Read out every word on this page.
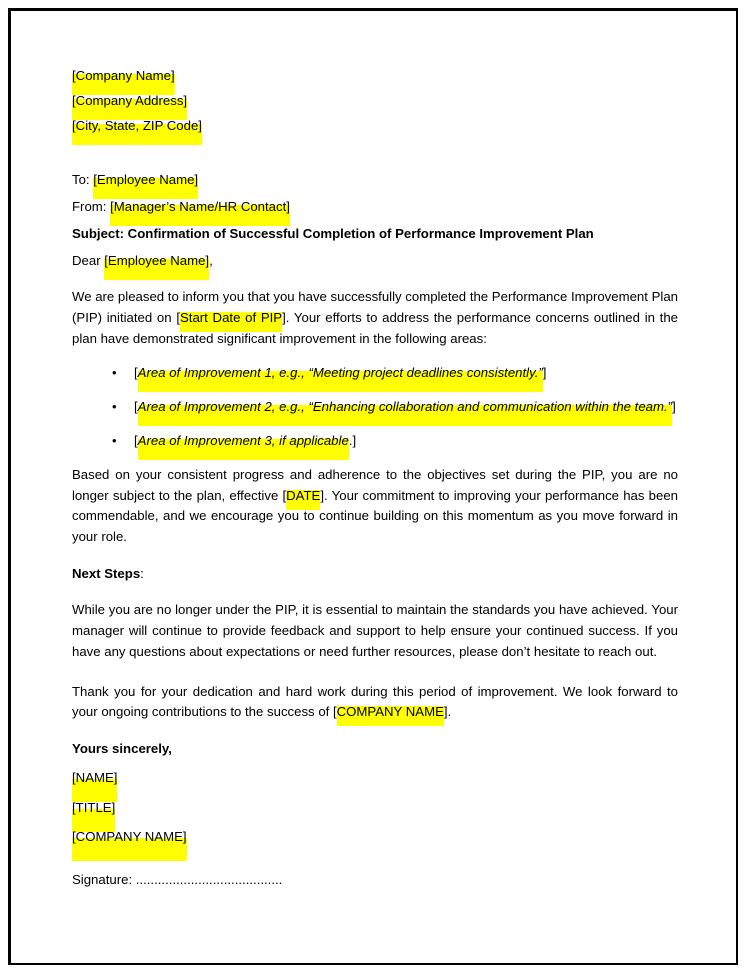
[Company Name]
[Company Address]
[City, State, ZIP Code]
To: [Employee Name]
From: [Manager’s Name/HR Contact]
Subject: Confirmation of Successful Completion of Performance Improvement Plan
Dear [Employee Name],

We are pleased to inform you that you have successfully completed the Performance Improvement Plan (PIP) initiated on [Start Date of PIP]. Your efforts to address the performance concerns outlined in the plan have demonstrated significant improvement in the following areas:

• [Area of Improvement 1, e.g., “Meeting project deadlines consistently.”]
• [Area of Improvement 2, e.g., “Enhancing collaboration and communication within the team.”]
• [Area of Improvement 3, if applicable.]

Based on your consistent progress and adherence to the objectives set during the PIP, you are no longer subject to the plan, effective [DATE]. Your commitment to improving your performance has been commendable, and we encourage you to continue building on this momentum as you move forward in your role.

Next Steps:

While you are no longer under the PIP, it is essential to maintain the standards you have achieved. Your manager will continue to provide feedback and support to help ensure your continued success. If you have any questions about expectations or need further resources, please don’t hesitate to reach out.

Thank you for your dedication and hard work during this period of improvement. We look forward to your ongoing contributions to the success of [COMPANY NAME].

Yours sincerely,
[NAME]
[TITLE]
[COMPANY NAME]
Signature: ........................................
